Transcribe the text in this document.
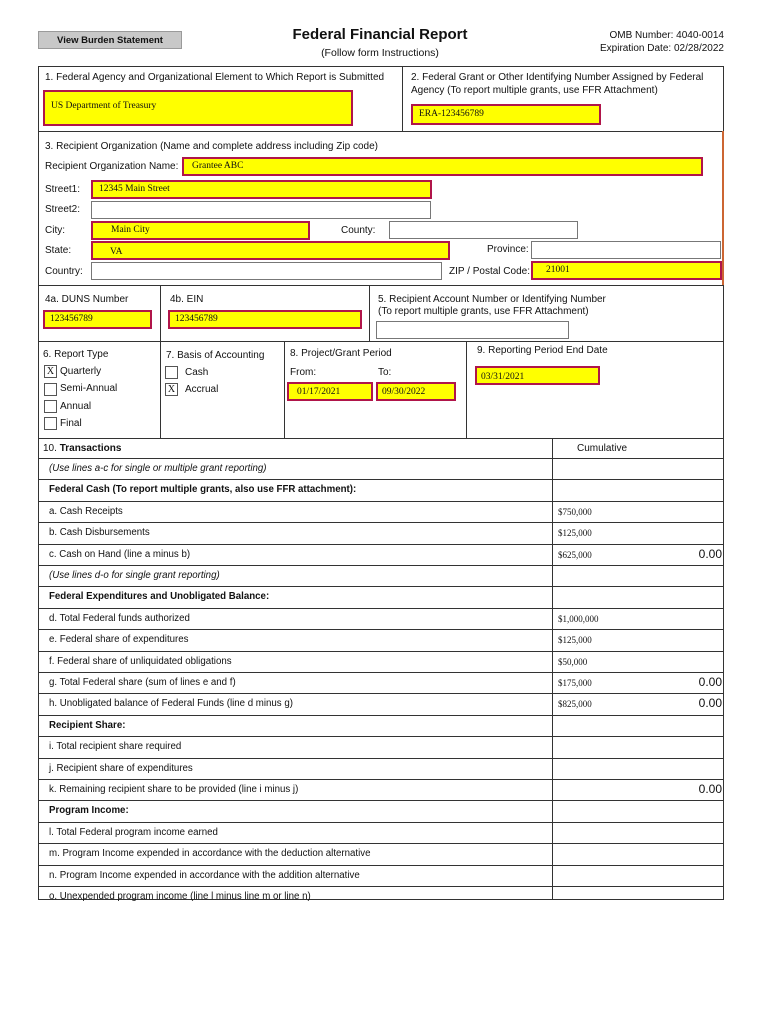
View Burden Statement	Federal Financial Report
(Follow form Instructions)
OMB Number: 4040-0014
Expiration Date: 02/28/2022
1. Federal Agency and Organizational Element to Which Report is Submitted
US Department of Treasury
2. Federal Grant or Other Identifying Number Assigned by Federal
Agency (To report multiple grants, use FFR Attachment)
ERA-123456789
3. Recipient Organization (Name and complete address including Zip code)
Recipient Organization Name:	Grantee ABC
Street1:	12345 Main Street
Street2:
City:	Main City	County:
State:	VA	Province:
Country:	ZIP / Postal Code:	21001
4a. DUNS Number
123456789
4b. EIN
123456789
5. Recipient Account Number or Identifying Number
(To report multiple grants, use FFR Attachment)
6. Report Type
X Quarterly
Semi-Annual
Annual
Final
7. Basis of Accounting
Cash
X Accrual
8. Project/Grant Period
From:
01/17/2021
To:
09/30/2022
9. Reporting Period End Date
03/31/2021
10. Transactions	Cumulative
(Use lines a-c for single or multiple grant reporting)
Federal Cash (To report multiple grants, also use FFR attachment):
a. Cash Receipts	$750,000
b. Cash Disbursements	$125,000
c. Cash on Hand (line a minus b)	$625,000	0.00
(Use lines d-o for single grant reporting)
Federal Expenditures and Unobligated Balance:
d. Total Federal funds authorized	$1,000,000
e. Federal share of expenditures	$125,000
f. Federal share of unliquidated obligations	$50,000
g. Total Federal share (sum of lines e and f)	$175,000	0.00
h. Unobligated balance of Federal Funds (line d minus g)	$825,000	0.00
Recipient Share:
i. Total recipient share required
j. Recipient share of expenditures
k. Remaining recipient share to be provided (line i minus j)	0.00
Program Income:
l. Total Federal program income earned
m. Program Income expended in accordance with the deduction alternative
n. Program Income expended in accordance with the addition alternative
o. Unexpended program income (line l minus line m or line n)
